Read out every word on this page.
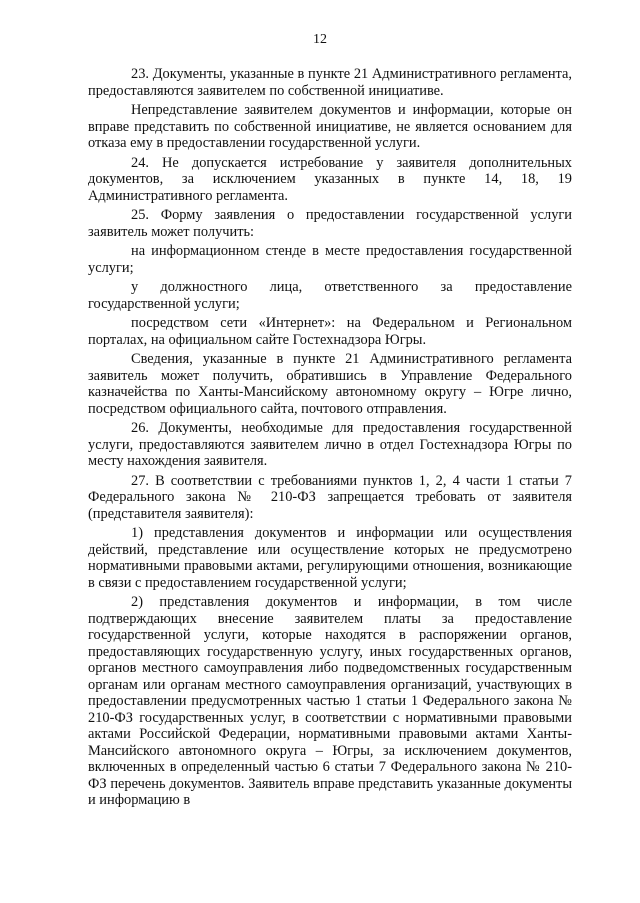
12

23. Документы, указанные в пункте 21 Административного регламента, предоставляются заявителем по собственной инициативе.

Непредставление заявителем документов и информации, которые он вправе представить по собственной инициативе, не является основанием для отказа ему в предоставлении государственной услуги.

24. Не допускается истребование у заявителя дополнительных документов, за исключением указанных в пункте 14, 18, 19 Административного регламента.

25. Форму заявления о предоставлении государственной услуги заявитель может получить:

на информационном стенде в месте предоставления государственной услуги;

у должностного лица, ответственного за предоставление государственной услуги;

посредством сети «Интернет»: на Федеральном и Региональном порталах, на официальном сайте Гостехнадзора Югры.

Сведения, указанные в пункте 21 Административного регламента заявитель может получить, обратившись в Управление Федерального казначейства по Ханты-Мансийскому автономному округу – Югре лично, посредством официального сайта, почтового отправления.

26. Документы, необходимые для предоставления государственной услуги, предоставляются заявителем лично в отдел Гостехнадзора Югры по месту нахождения заявителя.

27. В соответствии с требованиями пунктов 1, 2, 4 части 1 статьи 7 Федерального закона № 210-ФЗ запрещается требовать от заявителя (представителя заявителя):

1) представления документов и информации или осуществления действий, представление или осуществление которых не предусмотрено нормативными правовыми актами, регулирующими отношения, возникающие в связи с предоставлением государственной услуги;

2) представления документов и информации, в том числе подтверждающих внесение заявителем платы за предоставление государственной услуги, которые находятся в распоряжении органов, предоставляющих государственную услугу, иных государственных органов, органов местного самоуправления либо подведомственных государственным органам или органам местного самоуправления организаций, участвующих в предоставлении предусмотренных частью 1 статьи 1 Федерального закона № 210-ФЗ государственных услуг, в соответствии с нормативными правовыми актами Российской Федерации, нормативными правовыми актами Ханты-Мансийского автономного округа – Югры, за исключением документов, включенных в определенный частью 6 статьи 7 Федерального закона № 210-ФЗ перечень документов. Заявитель вправе представить указанные документы и информацию в
